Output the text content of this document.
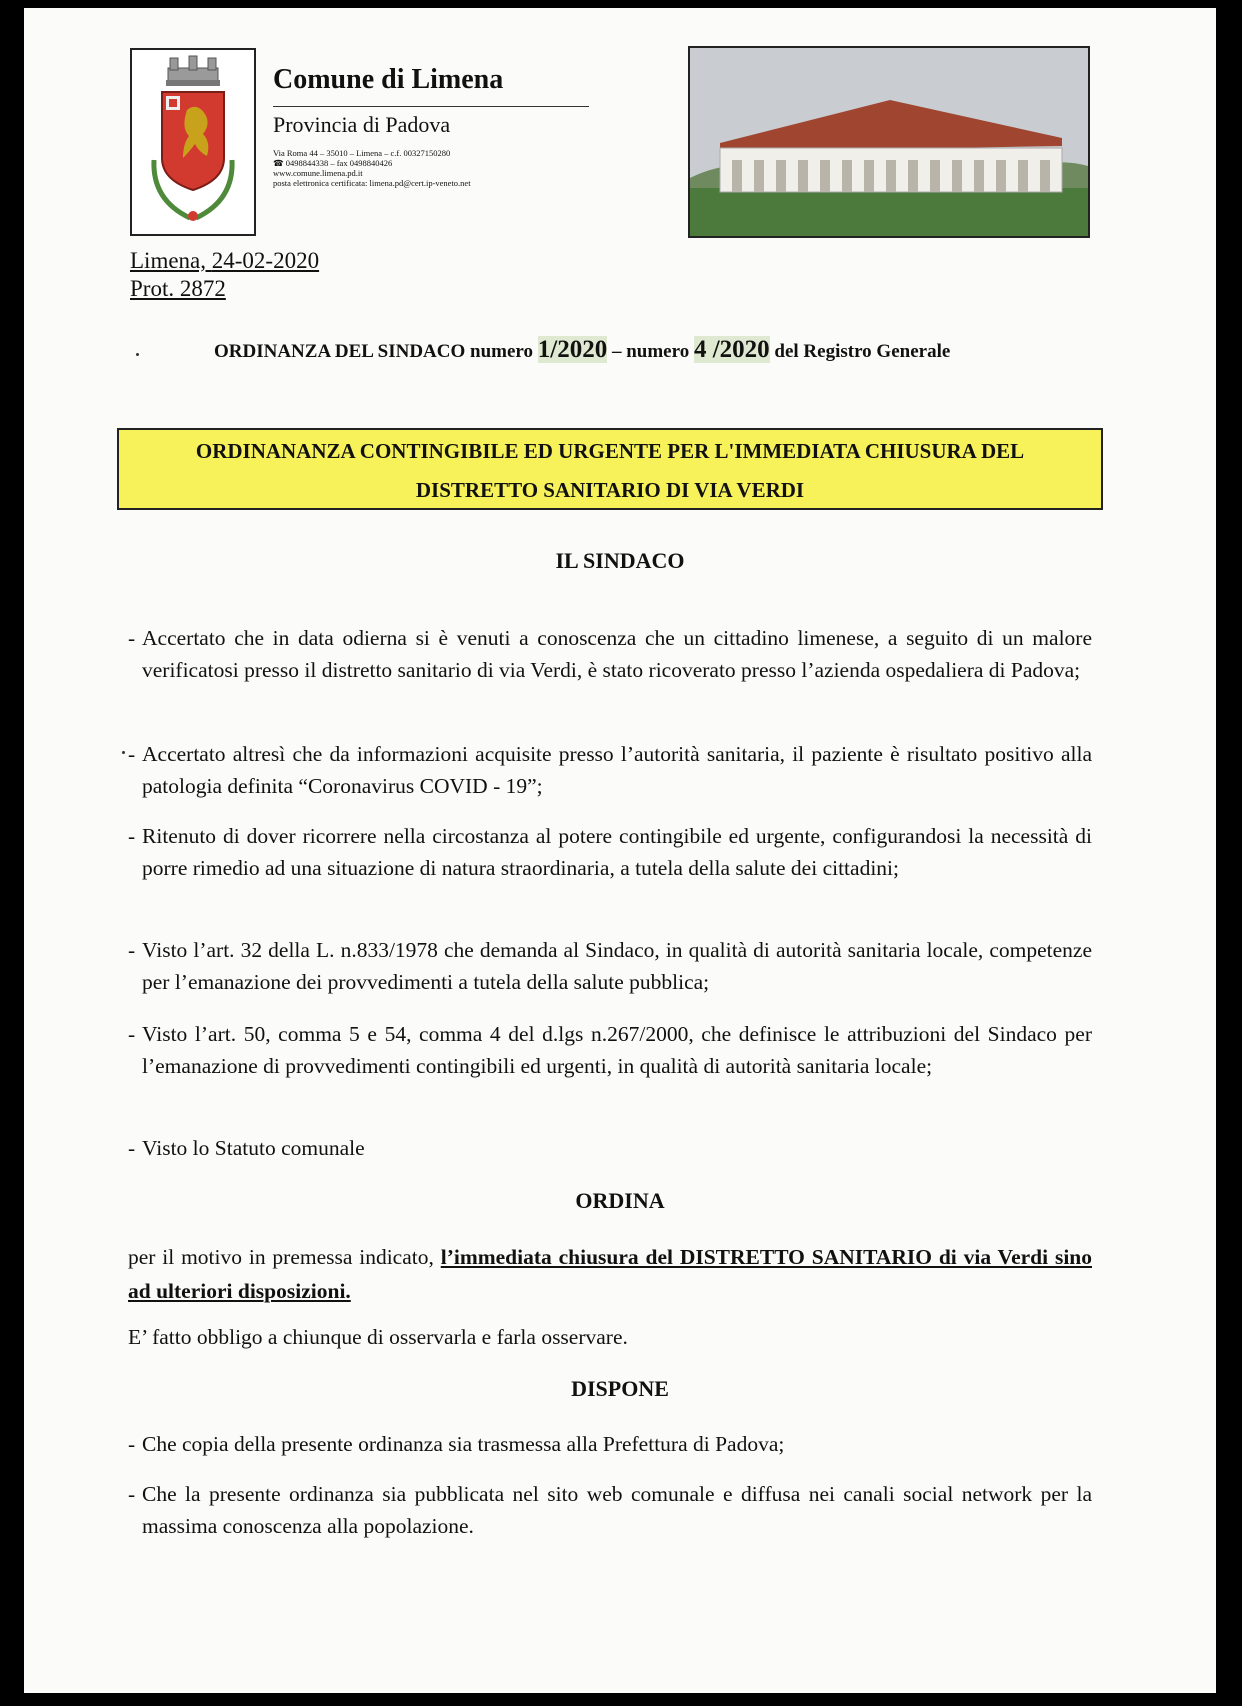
Comune di Limena
Provincia di Padova
Via Roma 44 – 35010 – Limena – c.f. 00327150280
☎ 0498844338 – fax 0498840426
www.comune.limena.pd.it
posta elettronica certificata: limena.pd@cert.ip-veneto.net
Limena, 24-02-2020
Prot. 2872
ORDINANZA DEL SINDACO numero 1/2020 – numero 4 /2020 del Registro Generale
ORDINANANZA CONTINGIBILE ED URGENTE PER L'IMMEDIATA CHIUSURA DEL
DISTRETTO SANITARIO DI VIA VERDI
IL SINDACO
- Accertato che in data odierna si è venuti a conoscenza che un cittadino limenese, a seguito di un malore verificatosi presso il distretto sanitario di via Verdi, è stato ricoverato presso l’azienda ospedaliera di Padova;
- Accertato altresì che da informazioni acquisite presso l’autorità sanitaria, il paziente è risultato positivo alla patologia definita “Coronavirus COVID - 19”;
- Ritenuto di dover ricorrere nella circostanza al potere contingibile ed urgente, configurandosi la necessità di porre rimedio ad una situazione di natura straordinaria, a tutela della salute dei cittadini;
- Visto l’art. 32 della L. n.833/1978 che demanda al Sindaco, in qualità di autorità sanitaria locale, competenze per l’emanazione dei provvedimenti a tutela della salute pubblica;
- Visto l’art. 50, comma 5 e 54, comma 4 del d.lgs n.267/2000, che definisce le attribuzioni del Sindaco per l’emanazione di provvedimenti contingibili ed urgenti, in qualità di autorità sanitaria locale;
- Visto lo Statuto comunale
ORDINA
per il motivo in premessa indicato, l’immediata chiusura del DISTRETTO SANITARIO di via Verdi sino ad ulteriori disposizioni.
E’ fatto obbligo a chiunque di osservarla e farla osservare.
DISPONE
- Che copia della presente ordinanza sia trasmessa alla Prefettura di Padova;
- Che la presente ordinanza sia pubblicata nel sito web comunale e diffusa nei canali social network per la massima conoscenza alla popolazione.
